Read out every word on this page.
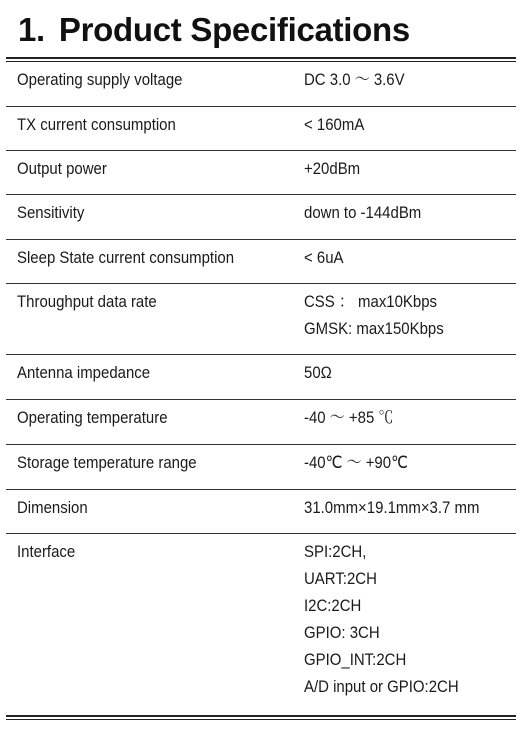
1. Product Specifications
Operating supply voltage	DC 3.0 〜 3.6V
TX current consumption	< 160mA
Output power	+20dBm
Sensitivity	down to -144dBm
Sleep State current consumption	< 6uA
Throughput data rate	CSS ： max10Kbps
GMSK: max150Kbps
Antenna impedance	50Ω
Operating temperature	-40 〜 +85 ℃
Storage temperature range	-40℃ 〜 +90℃
Dimension	31.0mm×19.1mm×3.7 mm
Interface	SPI:2CH,
UART:2CH
I2C:2CH
GPIO: 3CH
GPIO_INT:2CH
A/D input or GPIO:2CH
